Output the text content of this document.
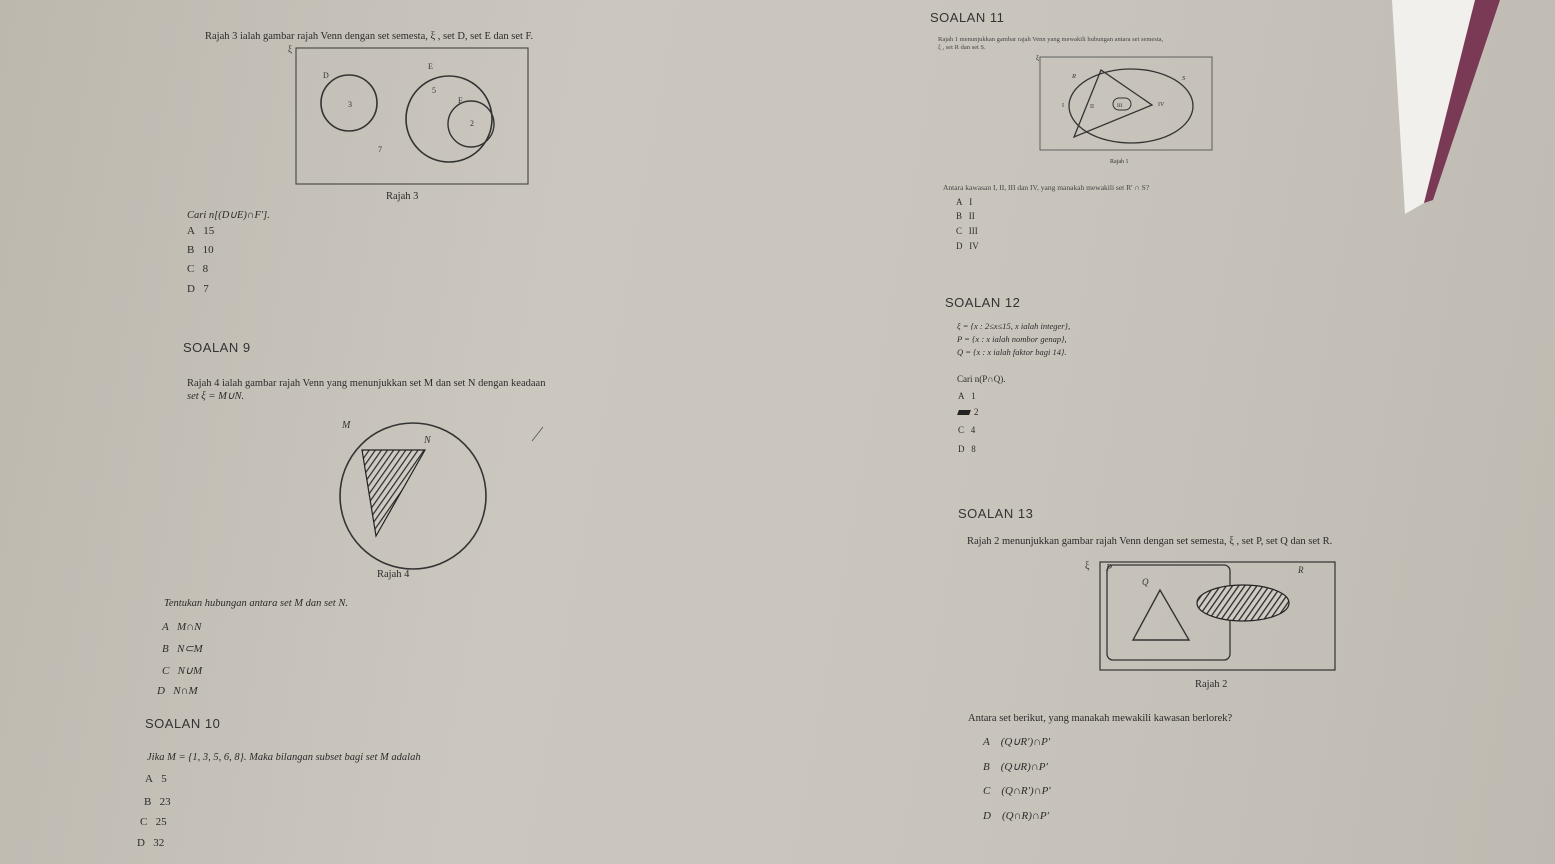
Rajah 3 ialah gambar rajah Venn dengan set semesta, ξ , set D, set E dan set F.
ξ
D
E
F
3
5
2
7
Rajah 3
Cari n[(D∪E)∩F'].
A 15
B 10
C 8
D 7
SOALAN 9
Rajah 4 ialah gambar rajah Venn yang menunjukkan set M dan set N dengan keadaan
set ξ = M∪N.
M
N
Rajah 4
Tentukan hubungan antara set M dan set N.
A M∩N
B N⊂M
C N∪M
D N∩M
SOALAN 10
Jika M = {1, 3, 5, 6, 8}. Maka bilangan subset bagi set M adalah
A 5
B 23
C 25
D 32
SOALAN 11
Rajah 1 menunjukkan gambar rajah Venn yang mewakili hubungan antara set semesta,
ξ , set R dan set S.
ξ
R	S
I	II	III	IV
Rajah 1
Antara kawasan I, II, III dan IV, yang manakah mewakili set R' ∩ S?
A I
B II
C III
D IV
SOALAN 12
ξ = {x : 2≤x≤15, x ialah integer},
P = {x : x ialah nombor genap},
Q = {x : x ialah faktor bagi 14}.
Cari n(P∩Q).
A 1
2
C 4
D 8
SOALAN 13
Rajah 2 menunjukkan gambar rajah Venn dengan set semesta, ξ , set P, set Q dan set R.
ξ P	R
Q
Rajah 2
Antara set berikut, yang manakah mewakili kawasan berlorek?
A (Q∪R')∩P'
B (Q∪R)∩P'
C (Q∩R')∩P'
D (Q∩R)∩P'
